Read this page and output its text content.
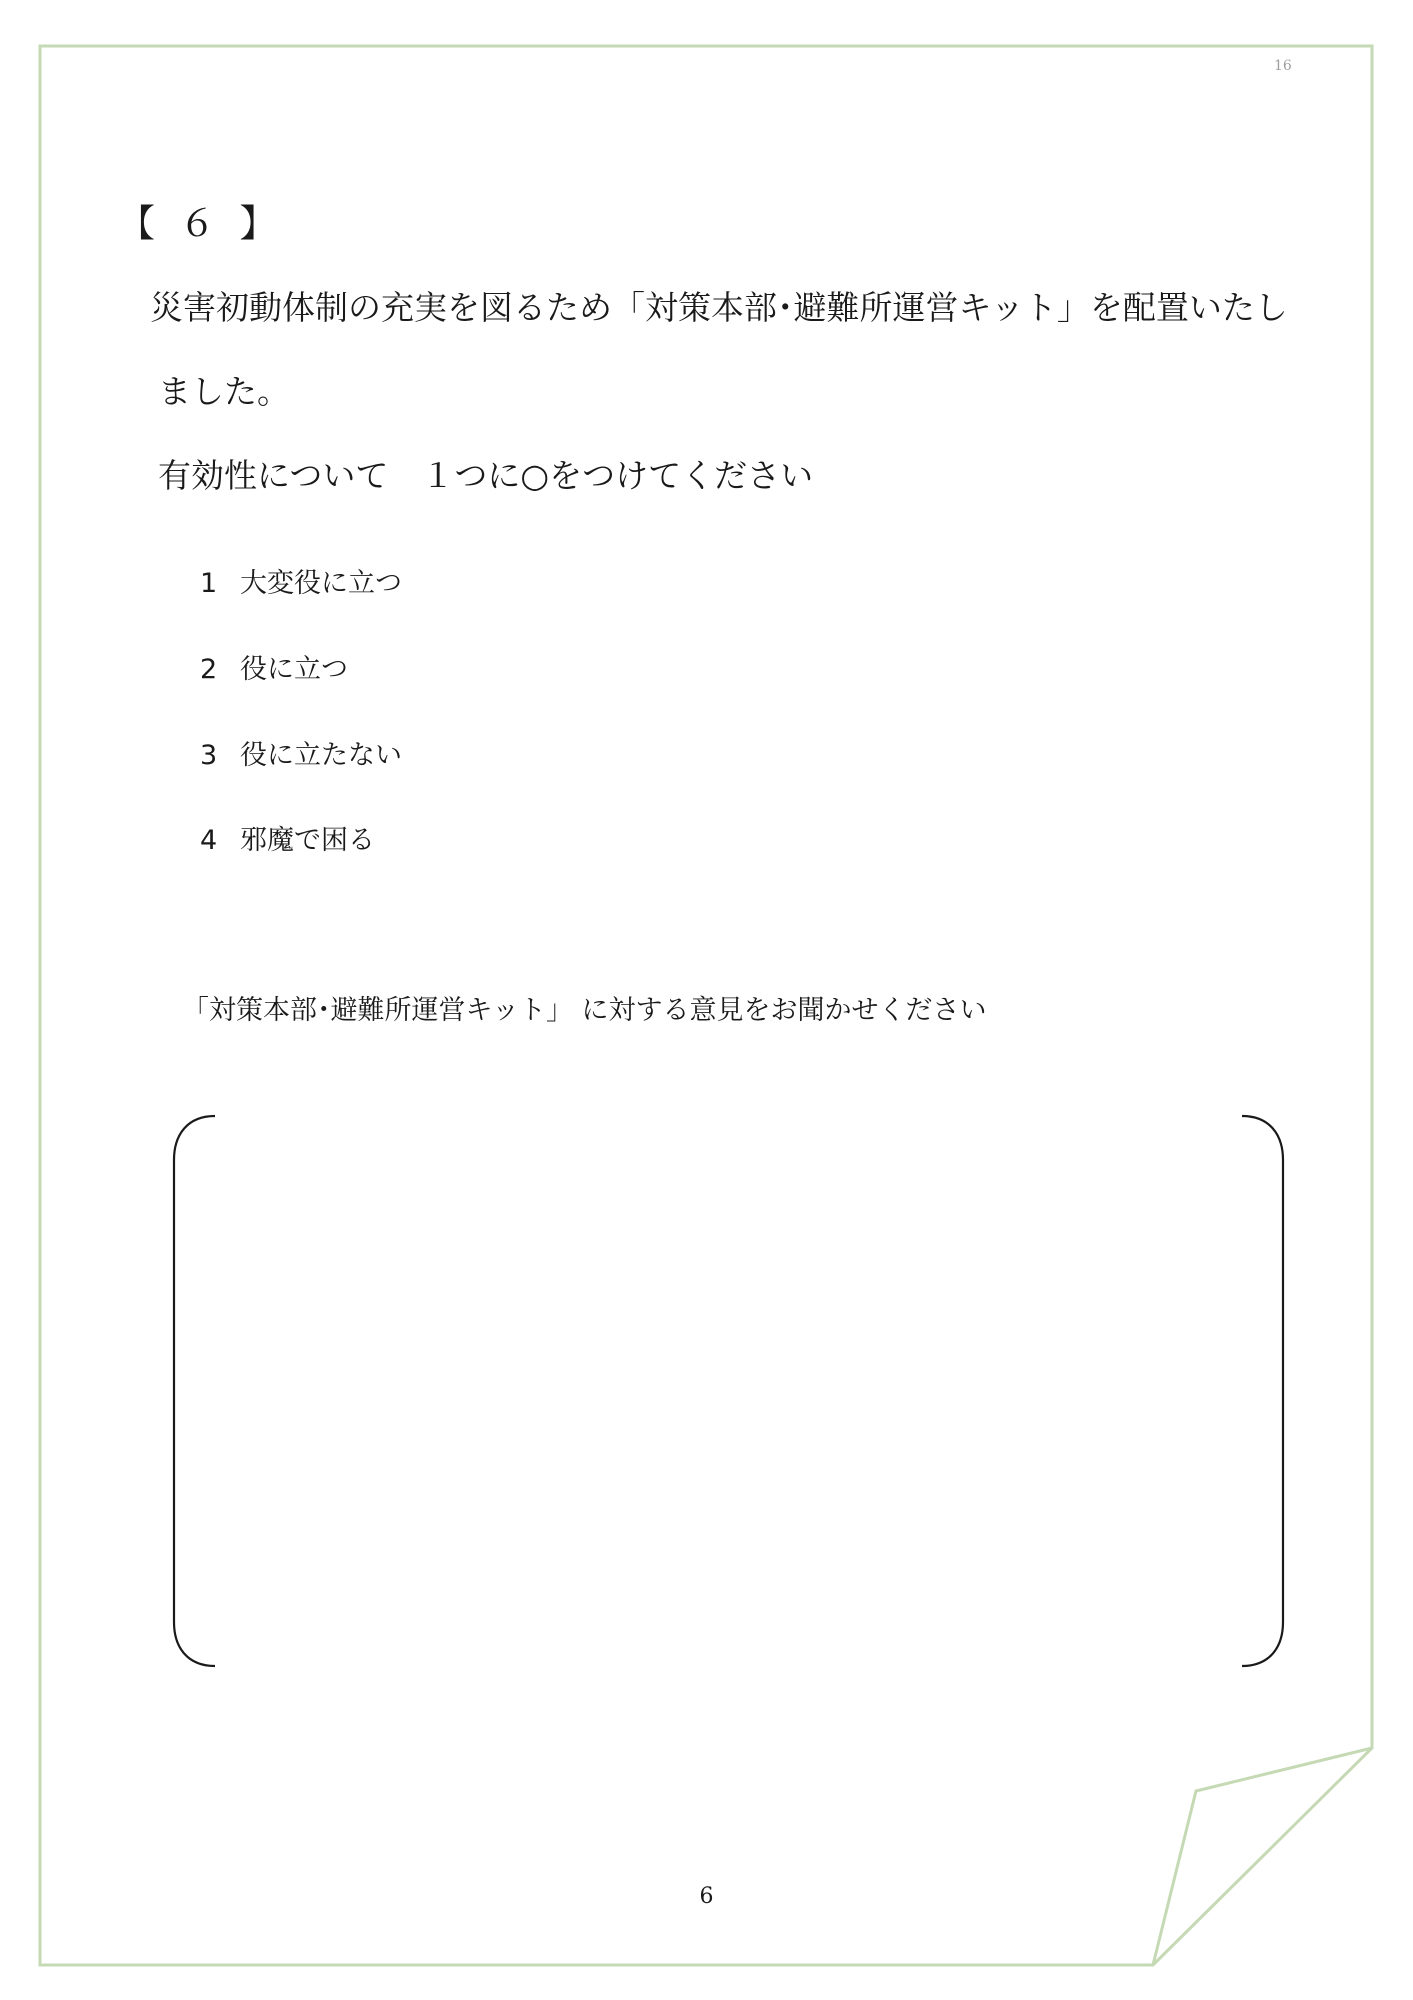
16
【 ６ 】
災害初動体制の充実を図るため「対策本部･避難所運営キット」を配置いたし
ました。
有効性について　１つに○をつけてください
1 大変役に立つ
2 役に立つ
3 役に立たない
4 邪魔で困る
「対策本部･避難所運営キット」 に対する意見をお聞かせください
6
